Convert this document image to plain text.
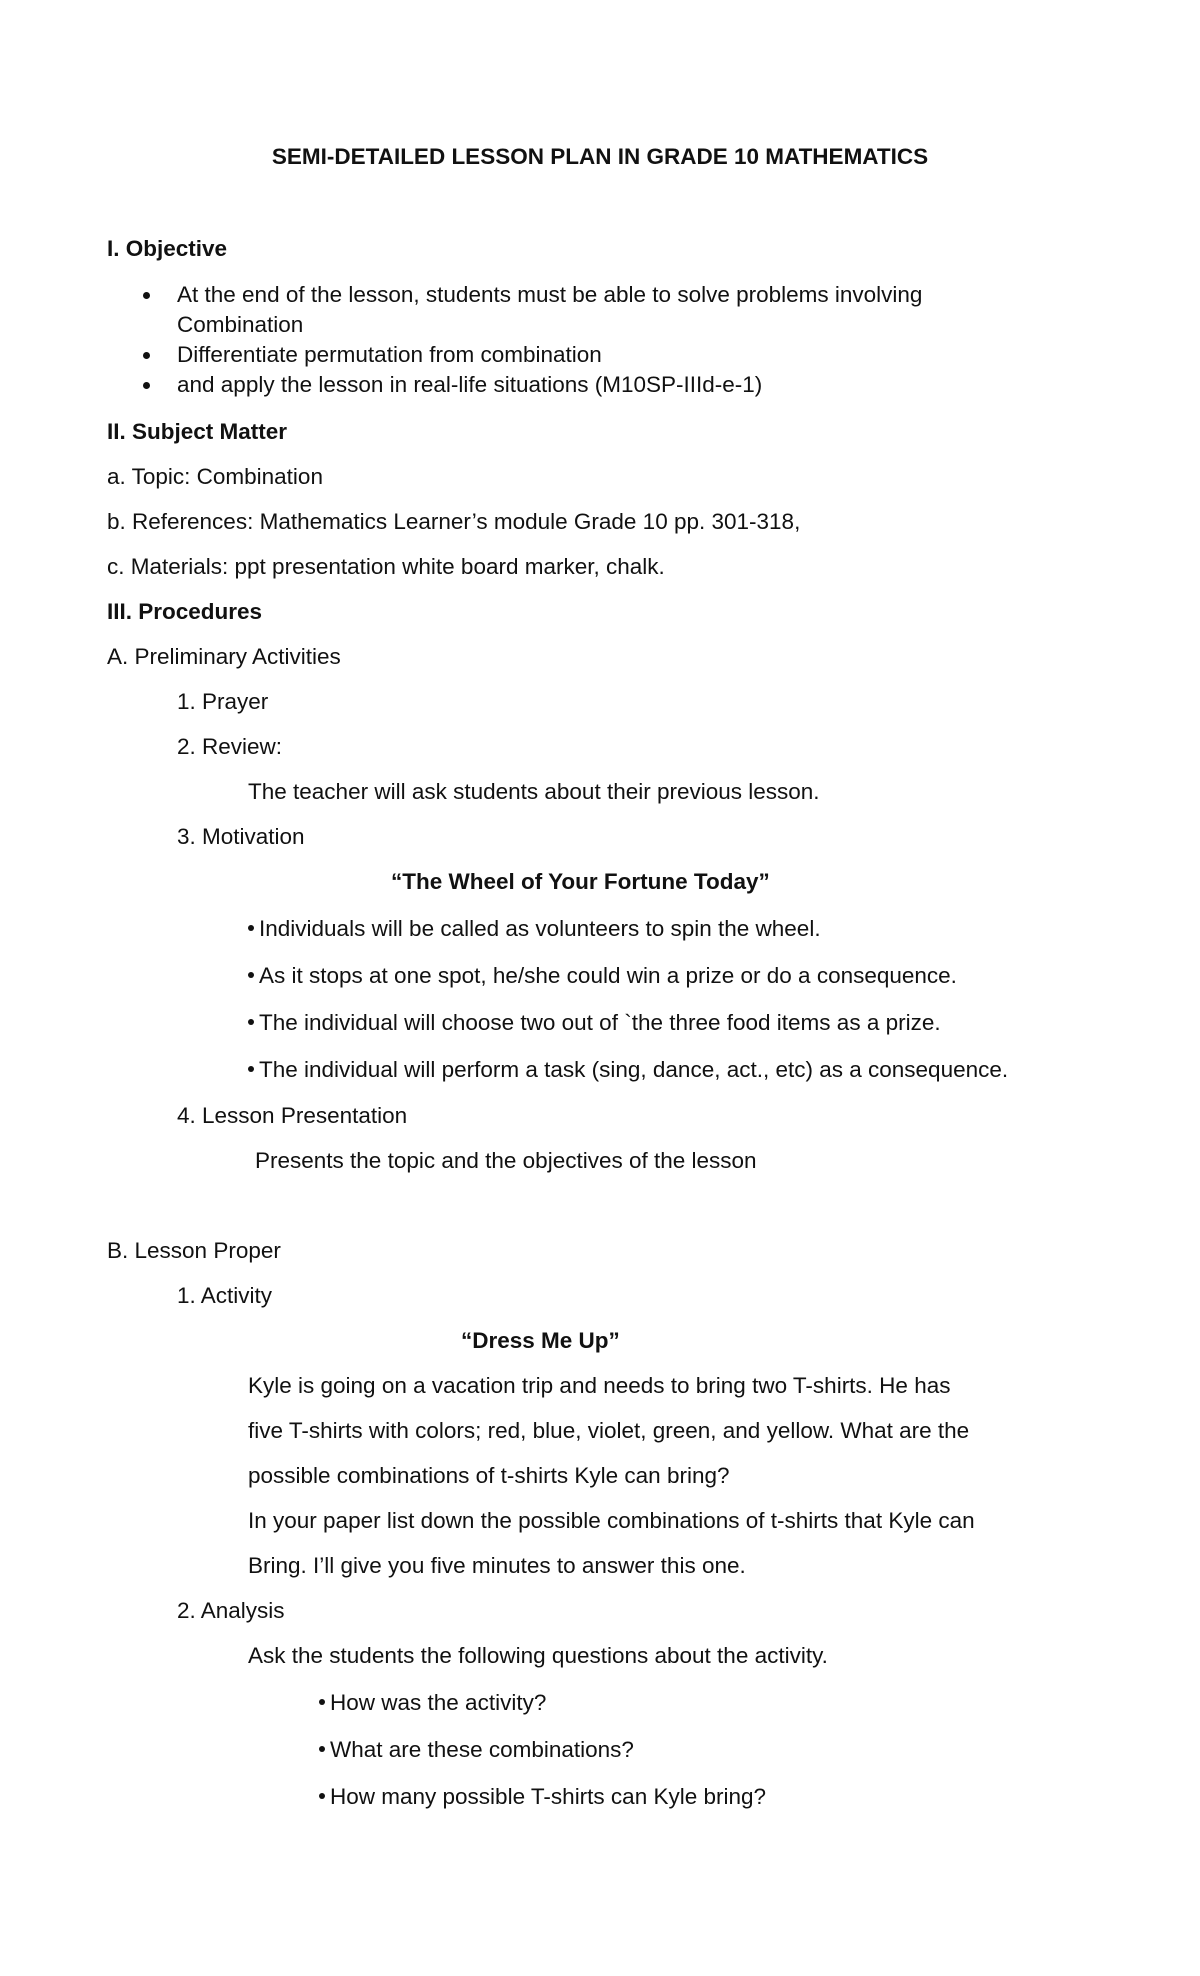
SEMI-DETAILED LESSON PLAN IN GRADE 10 MATHEMATICS
I. Objective
At the end of the lesson, students must be able to solve problems involving
Combination
Differentiate permutation from combination
and apply the lesson in real-life situations (M10SP-IIId-e-1)
II. Subject Matter
a. Topic: Combination
b. References: Mathematics Learner’s module Grade 10 pp. 301-318,
c. Materials: ppt presentation white board marker, chalk.
III. Procedures
A. Preliminary Activities
1. Prayer
2. Review:
The teacher will ask students about their previous lesson.
3. Motivation
“The Wheel of Your Fortune Today”
Individuals will be called as volunteers to spin the wheel.
As it stops at one spot, he/she could win a prize or do a consequence.
The individual will choose two out of `the three food items as a prize.
The individual will perform a task (sing, dance, act., etc) as a consequence.
4. Lesson Presentation
Presents the topic and the objectives of the lesson
B. Lesson Proper
1. Activity
“Dress Me Up”
Kyle is going on a vacation trip and needs to bring two T-shirts. He has
five T-shirts with colors; red, blue, violet, green, and yellow. What are the
possible combinations of t-shirts Kyle can bring?
In your paper list down the possible combinations of t-shirts that Kyle can
Bring. I’ll give you five minutes to answer this one.
2. Analysis
Ask the students the following questions about the activity.
How was the activity?
What are these combinations?
How many possible T-shirts can Kyle bring?
